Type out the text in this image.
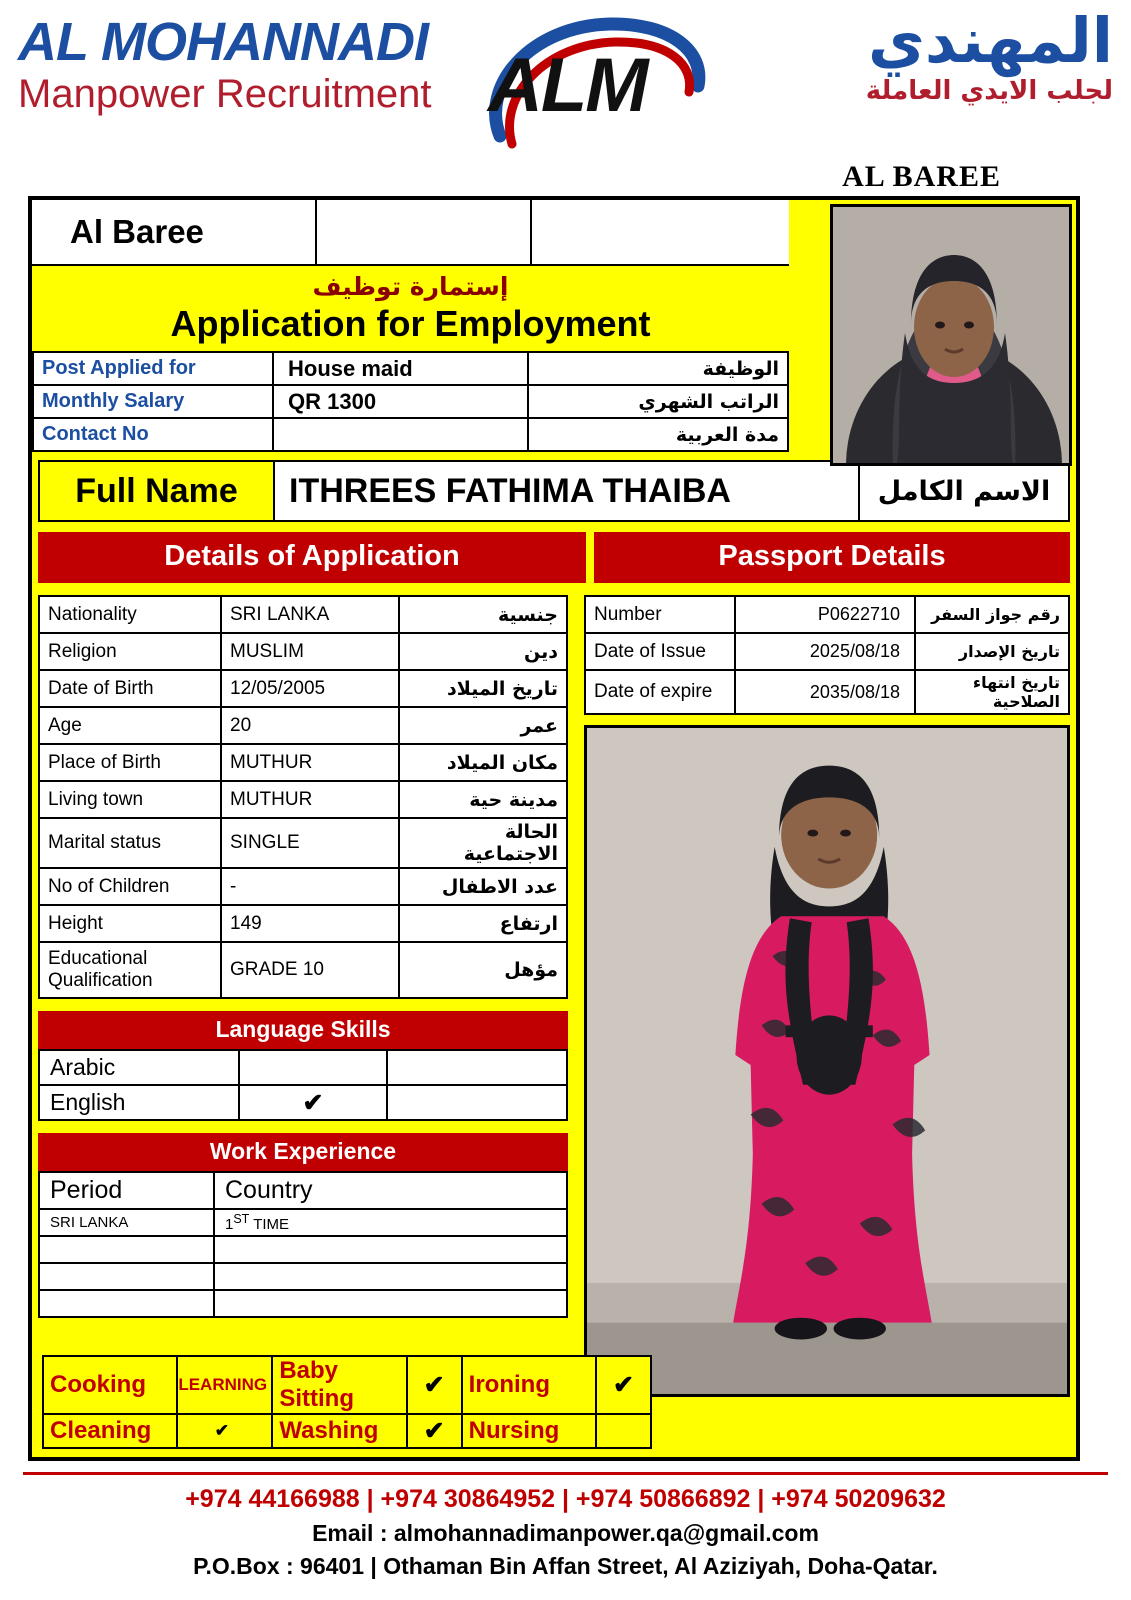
AL MOHANNADI
Manpower Recruitment ALM
المهندي
لجلب الايدي العاملة
AL BAREE
Al Baree
إستمارة توظيف
Application for Employment
Post Applied for	House maid	الوظيفة
Monthly Salary	QR 1300	الراتب الشهري
Contact No		مدة العربية
Full Name	ITHREES FATHIMA THAIBA	الاسم الكامل
Details of Application	Passport Details
Nationality	SRI LANKA	جنسية
Religion	MUSLIM	دين
Date of Birth	12/05/2005	تاريخ الميلاد
Age	20	عمر
Place of Birth	MUTHUR	مكان الميلاد
Living town	MUTHUR	مدينة حية
Marital status	SINGLE	الحالة الاجتماعية
No of Children	-	عدد الاطفال
Height	149	ارتفاع
Educational Qualification	GRADE 10	مؤهل
Language Skills
Arabic		
English	✔	
Work Experience
Period	Country
SRI LANKA	1ST TIME

Number	P0622710	رقم جواز السفر
Date of Issue	2025/08/18	تاريخ الإصدار
Date of expire	2035/08/18	تاريخ انتهاء الصلاحية
Cooking	LEARNING	Baby Sitting	✔	Ironing	✔
Cleaning	✔	Washing	✔	Nursing	
+974 44166988 | +974 30864952 | +974 50866892 | +974 50209632
Email : almohannadimanpower.qa@gmail.com
P.O.Box : 96401 | Othaman Bin Affan Street, Al Aziziyah, Doha-Qatar.
